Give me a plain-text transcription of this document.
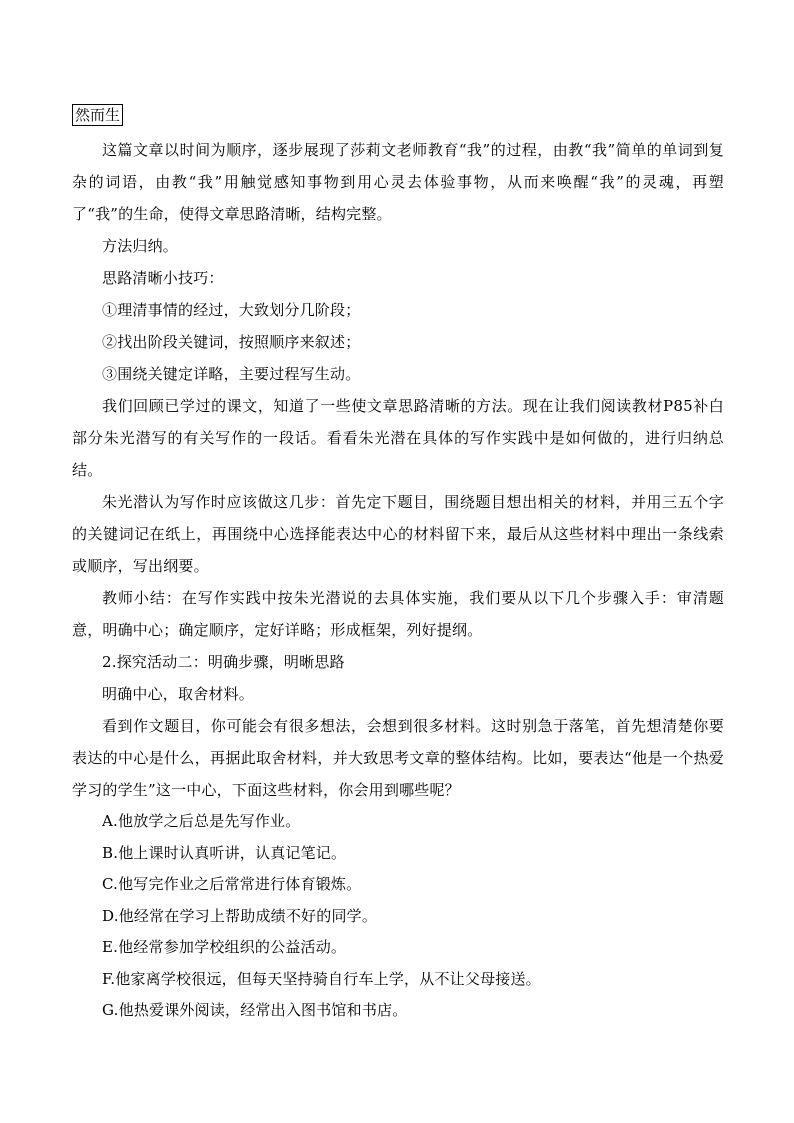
然而生

这篇文章以时间为顺序，逐步展现了莎莉文老师教育“我”的过程，由教“我”简单的单词到复杂的词语，由教“我”用触觉感知事物到用心灵去体验事物，从而来唤醒“我”的灵魂，再塑了“我”的生命，使得文章思路清晰，结构完整。

方法归纳。

思路清晰小技巧：

①理清事情的经过，大致划分几阶段；

②找出阶段关键词，按照顺序来叙述；

③围绕关键定详略，主要过程写生动。

我们回顾已学过的课文，知道了一些使文章思路清晰的方法。现在让我们阅读教材P85补白部分朱光潜写的有关写作的一段话。看看朱光潜在具体的写作实践中是如何做的，进行归纳总结。

朱光潜认为写作时应该做这几步：首先定下题目，围绕题目想出相关的材料，并用三五个字的关键词记在纸上，再围绕中心选择能表达中心的材料留下来，最后从这些材料中理出一条线索或顺序，写出纲要。

教师小结：在写作实践中按朱光潜说的去具体实施，我们要从以下几个步骤入手：审清题意，明确中心；确定顺序，定好详略；形成框架，列好提纲。

2.探究活动二：明确步骤，明晰思路

明确中心，取舍材料。

看到作文题目，你可能会有很多想法，会想到很多材料。这时别急于落笔，首先想清楚你要表达的中心是什么，再据此取舍材料，并大致思考文章的整体结构。比如，要表达“他是一个热爱学习的学生”这一中心，下面这些材料，你会用到哪些呢？

A.他放学之后总是先写作业。

B.他上课时认真听讲，认真记笔记。

C.他写完作业之后常常进行体育锻炼。

D.他经常在学习上帮助成绩不好的同学。

E.他经常参加学校组织的公益活动。

F.他家离学校很远，但每天坚持骑自行车上学，从不让父母接送。

G.他热爱课外阅读，经常出入图书馆和书店。
